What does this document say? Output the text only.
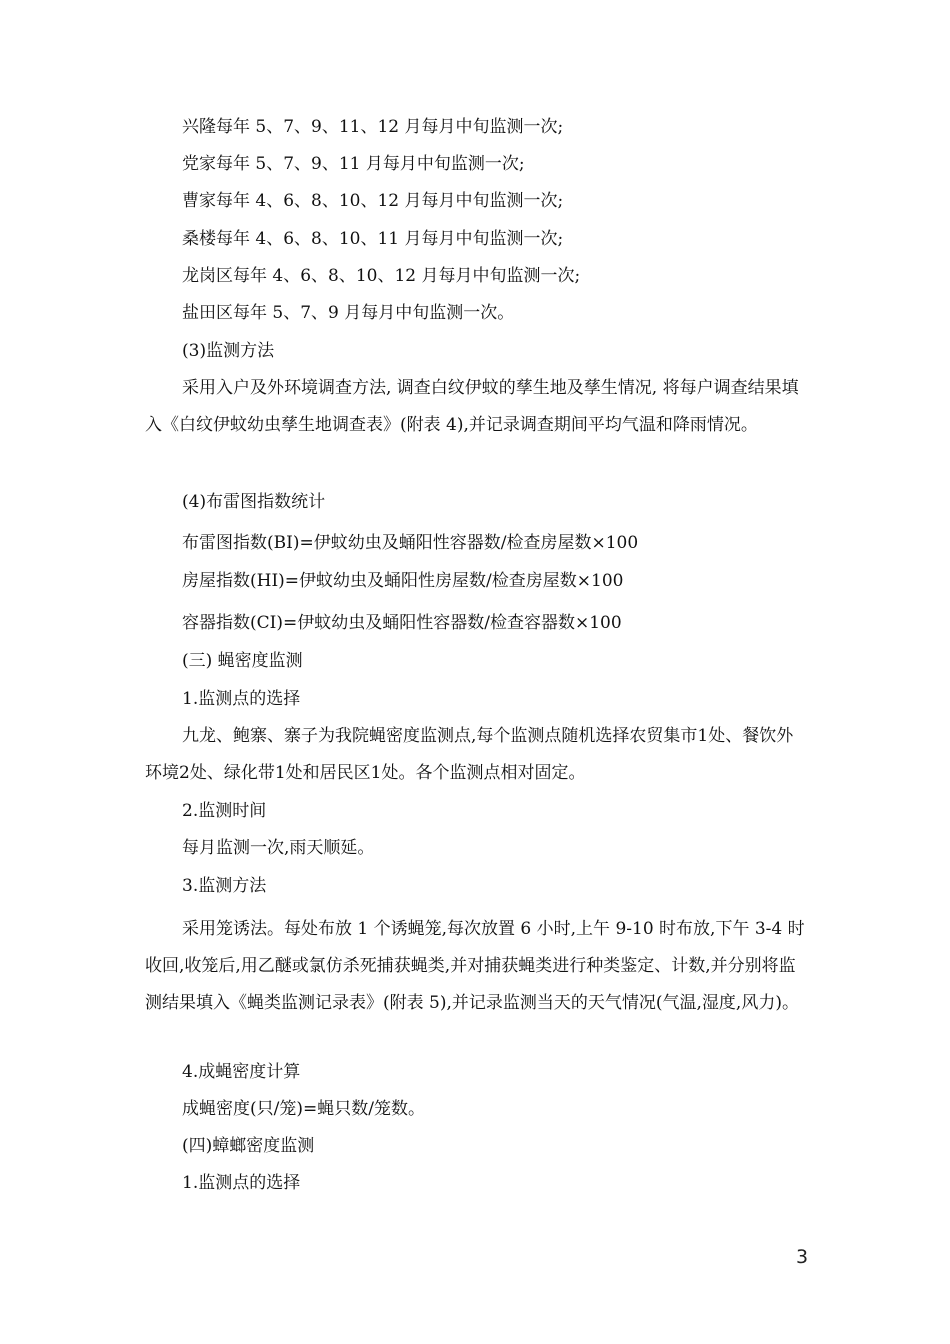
兴隆每年 5、7、9、11、12 月每月中旬监测一次;
党家每年 5、7、9、11 月每月中旬监测一次;
曹家每年 4、6、8、10、12 月每月中旬监测一次;
桑楼每年 4、6、8、10、11 月每月中旬监测一次;
龙岗区每年 4、6、8、10、12 月每月中旬监测一次;
盐田区每年 5、7、9 月每月中旬监测一次。
(3)监测方法
采用入户及外环境调查方法, 调查白纹伊蚊的孳生地及孳生情况, 将每户调查结果填入《白纹伊蚊幼虫孳生地调查表》(附表 4),并记录调查期间平均气温和降雨情况。
(4)布雷图指数统计
布雷图指数(BI)=伊蚊幼虫及蛹阳性容器数/检查房屋数×100
房屋指数(HI)=伊蚊幼虫及蛹阳性房屋数/检查房屋数×100
容器指数(CI)=伊蚊幼虫及蛹阳性容器数/检查容器数×100
(三) 蝇密度监测
1.监测点的选择
九龙、鲍寨、寨子为我院蝇密度监测点,每个监测点随机选择农贸集市1处、餐饮外环境2处、绿化带1处和居民区1处。各个监测点相对固定。
2.监测时间
每月监测一次,雨天顺延。
3.监测方法
采用笼诱法。每处布放 1 个诱蝇笼,每次放置 6 小时,上午 9-10 时布放,下午 3-4 时收回,收笼后,用乙醚或氯仿杀死捕获蝇类,并对捕获蝇类进行种类鉴定、计数,并分别将监测结果填入《蝇类监测记录表》(附表 5),并记录监测当天的天气情况(气温,湿度,风力)。
4.成蝇密度计算
成蝇密度(只/笼)=蝇只数/笼数。
(四)蟑螂密度监测
1.监测点的选择
3
